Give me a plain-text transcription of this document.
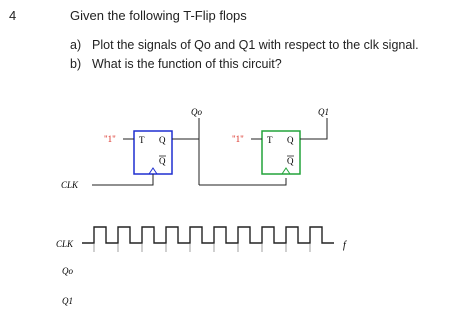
4	Given the following T-Flip flops
a) Plot the signals of Qo and Q1 with respect to the clk signal.
b) What is the function of this circuit?
"1"	T Q
Q
Qo
CLK
"1"	T Q
Q
Q1
CLK	f
Qo
Q1
